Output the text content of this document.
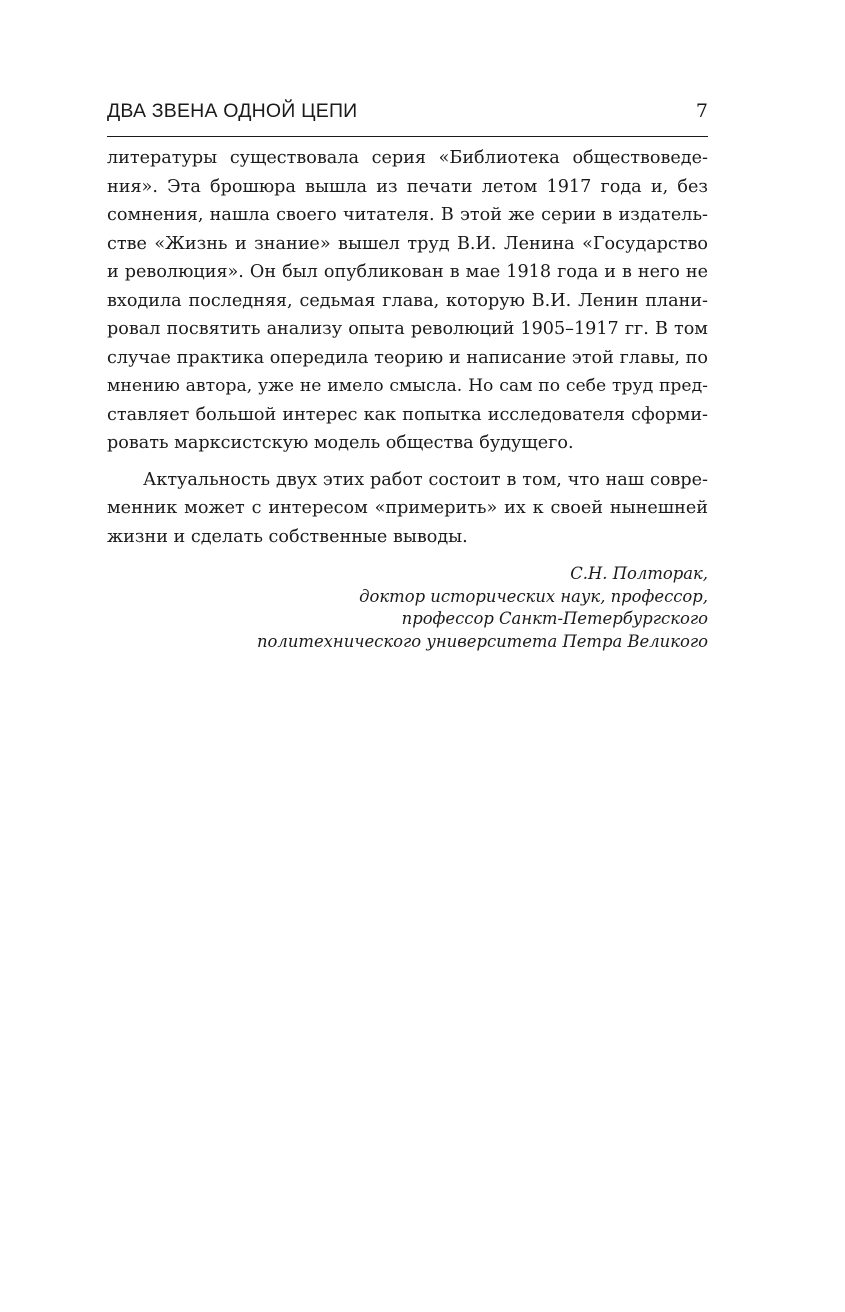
ДВА ЗВЕНА ОДНОЙ ЦЕПИ	7
литературы существовала серия «Библиотека обществоведе-
ния». Эта брошюра вышла из печати летом 1917 года и, без
сомнения, нашла своего читателя. В этой же серии в издатель-
стве «Жизнь и знание» вышел труд В.И. Ленина «Государство
и революция». Он был опубликован в мае 1918 года и в него не
входила последняя, седьмая глава, которую В.И. Ленин плани-
ровал посвятить анализу опыта революций 1905–1917 гг. В том
случае практика опередила теорию и написание этой главы, по
мнению автора, уже не имело смысла. Но сам по себе труд пред-
ставляет большой интерес как попытка исследователя сформи-
ровать марксистскую модель общества будущего.
Актуальность двух этих работ состоит в том, что наш совре-
менник может с интересом «примерить» их к своей нынешней
жизни и сделать собственные выводы.
С.Н. Полторак,
доктор исторических наук, профессор,
профессор Санкт-Петербургского
политехнического университета Петра Великого
